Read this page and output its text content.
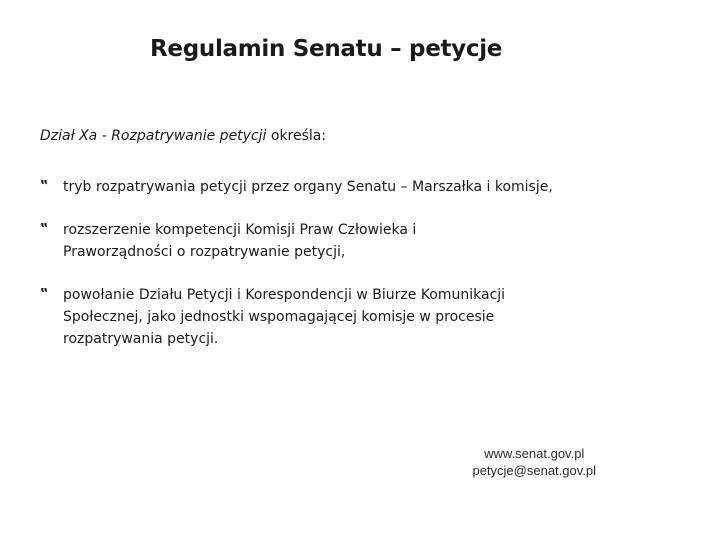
Regulamin Senatu – petycje
Dział Xa - Rozpatrywanie petycji określa:
‟ tryb rozpatrywania petycji przez organy Senatu – Marszałka i komisje,
‟ rozszerzenie kompetencji Komisji Praw Człowieka i Praworządności o rozpatrywanie petycji,
‟ powołanie Działu Petycji i Korespondencji w Biurze Komunikacji Społecznej, jako jednostki wspomagającej komisje w procesie rozpatrywania petycji.
www.senat.gov.pl
petycje@senat.gov.pl
